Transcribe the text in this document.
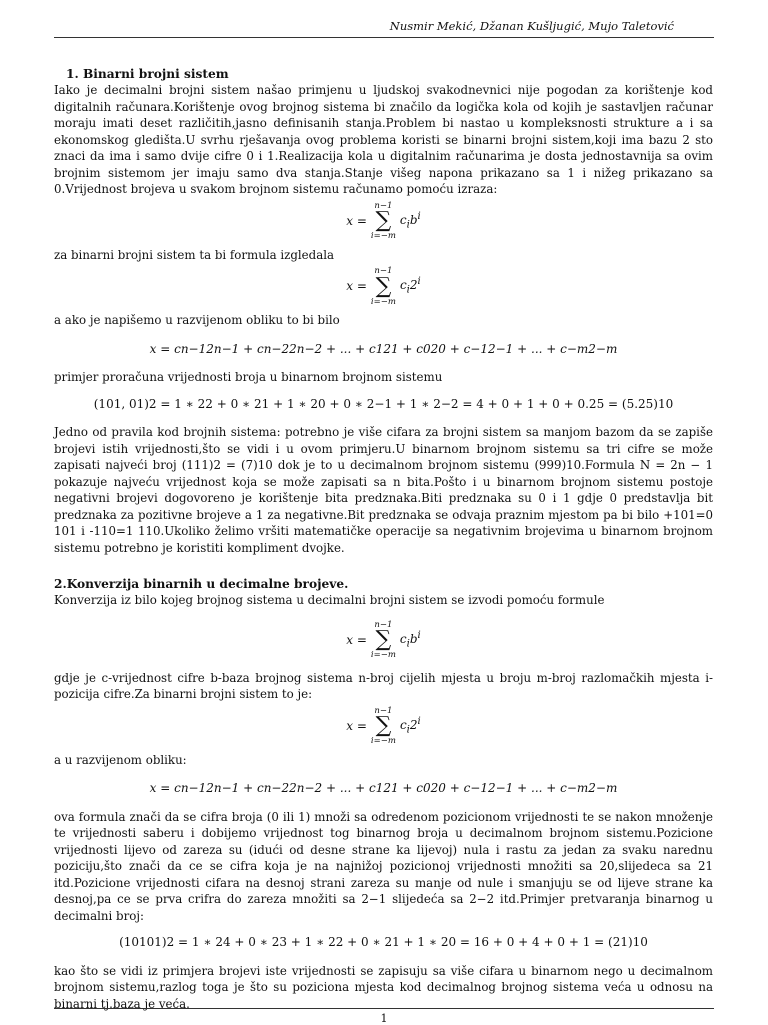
Nusmir Mekić, Džanan Kušljugić, Mujo Taletović
1. Binarni brojni sistem

Iako je decimalni brojni sistem našao primjenu u ljudskoj svakodnevnici nije pogodan za korištenje kod digitalnih računara.Korištenje ovog brojnog sistema bi značilo da logička kola od kojih je sastavljen računar moraju imati deset različitih,jasno definisanih stanja.Problem bi nastao u kompleksnosti strukture a i sa ekonomskog gledišta.U svrhu rješavanja ovog problema koristi se binarni brojni sistem,koji ima bazu 2 sto znaci da ima i samo dvije cifre 0 i 1.Realizacija kola u digitalnim računarima je dosta jednostavnija sa ovim brojnim sistemom jer imaju samo dva stanja.Stanje višeg napona prikazano sa 1 i nižeg prikazano sa 0.Vrijednost brojeva u svakom brojnom sistemu računamo pomoću izraza:

x =
n−1
∑
i=−m
$c_ib^i$

za binarni brojni sistem ta bi formula izgledala

x =
n−1
∑
i=−m
$c_i2^i$

a ako je napišemo u razvijenom obliku to bi bilo

x = cn−12n−1 + cn−22n−2 + ... + c121 + c020 + c−12−1 + ... + c−m2−m

primjer proračuna vrijednosti broja u binarnom brojnom sistemu

(101, 01)2 = 1 ∗ 22 + 0 ∗ 21 + 1 ∗ 20 + 0 ∗ 2−1 + 1 ∗ 2−2 = 4 + 0 + 1 + 0 + 0.25 = (5.25)10

Jedno od pravila kod brojnih sistema: potrebno je više cifara za brojni sistem sa manjom bazom da se zapiše brojevi istih vrijednosti,što se vidi i u ovom primjeru.U binarnom brojnom sistemu sa tri cifre se može zapisati najveći broj (111)2 = (7)10 dok je to u decimalnom brojnom sistemu (999)10.Formula N = 2n − 1 pokazuje najveću vrijednost koja se može zapisati sa n bita.Pošto i u binarnom brojnom sistemu postoje negativni brojevi dogovoreno je korištenje bita predznaka.Biti predznaka su 0 i 1 gdje 0 predstavlja bit predznaka za pozitivne brojeve a 1 za negativne.Bit predznaka se odvaja praznim mjestom pa bi bilo +101=0 101 i -110=1 110.Ukoliko želimo vršiti matematičke operacije sa negativnim brojevima u binarnom brojnom sistemu potrebno je koristiti kompliment dvojke.

2.Konverzija binarnih u decimalne brojeve.

Konverzija iz bilo kojeg brojnog sistema u decimalni brojni sistem se izvodi pomoću formule

x =
n−1
∑
i=−m
$c_ib^i$

gdje je c-vrijednost cifre b-baza brojnog sistema n-broj cijelih mjesta u broju m-broj razlomačkih mjesta i-pozicija cifre.Za binarni brojni sistem to je:

x =
n−1
∑
i=−m
$c_i2^i$

a u razvijenom obliku:

x = cn−12n−1 + cn−22n−2 + ... + c121 + c020 + c−12−1 + ... + c−m2−m

ova formula znači da se cifra broja (0 ili 1) množi sa odredenom pozicionom vrijednosti te se nakon množenje te vrijednosti saberu i dobijemo vrijednost tog binarnog broja u decimalnom brojnom sistemu.Pozicione vrijednosti lijevo od zareza su (idući od desne strane ka lijevoj) nula i rastu za jedan za svaku narednu poziciju,što znači da ce se cifra koja je na najnižoj pozicionoj vrijednosti množiti sa 20,slijedeca sa 21 itd.Pozicione vrijednosti cifara na desnoj strani zareza su manje od nule i smanjuju se od lijeve strane ka desnoj,pa ce se prva crifra do zareza množiti sa 2−1 slijedeća sa 2−2 itd.Primjer pretvaranja binarnog u decimalni broj:

(10101)2 = 1 ∗ 24 + 0 ∗ 23 + 1 ∗ 22 + 0 ∗ 21 + 1 ∗ 20 = 16 + 0 + 4 + 0 + 1 = (21)10

kao što se vidi iz primjera brojevi iste vrijednosti se zapisuju sa više cifara u binarnom nego u decimalnom brojnom sistemu,razlog toga je što su poziciona mjesta kod decimalnog brojnog sistema veća u odnosu na binarni tj.baza je veća.

1
